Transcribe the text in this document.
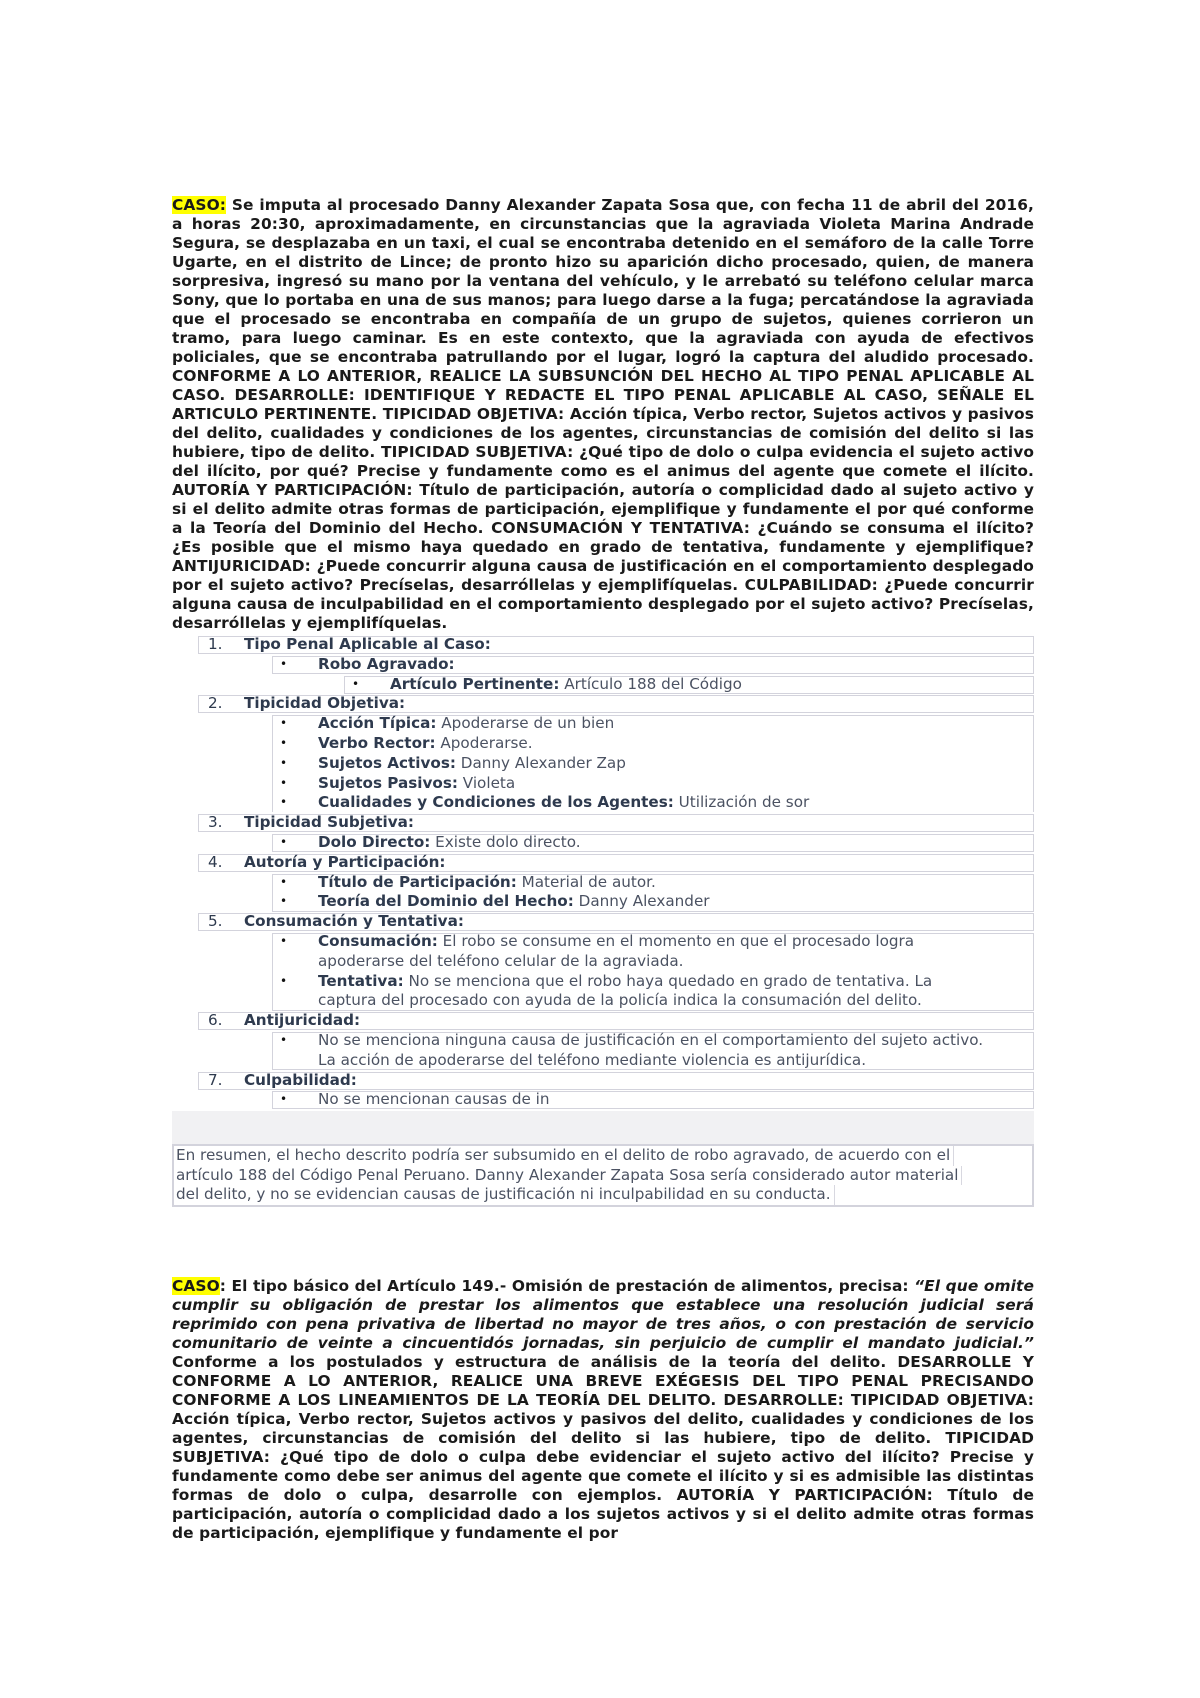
CASO: Se imputa al procesado Danny Alexander Zapata Sosa que, con fecha 11 de abril del 2016, a horas 20:30, aproximadamente, en circunstancias que la agraviada Violeta Marina Andrade Segura, se desplazaba en un taxi, el cual se encontraba detenido en el semáforo de la calle Torre Ugarte, en el distrito de Lince; de pronto hizo su aparición dicho procesado, quien, de manera sorpresiva, ingresó su mano por la ventana del vehículo, y le arrebató su teléfono celular marca Sony, que lo portaba en una de sus manos; para luego darse a la fuga; percatándose la agraviada que el procesado se encontraba en compañía de un grupo de sujetos, quienes corrieron un tramo, para luego caminar. Es en este contexto, que la agraviada con ayuda de efectivos policiales, que se encontraba patrullando por el lugar, logró la captura del aludido procesado. CONFORME A LO ANTERIOR, REALICE LA SUBSUNCIÓN DEL HECHO AL TIPO PENAL APLICABLE AL CASO. DESARROLLE: IDENTIFIQUE Y REDACTE EL TIPO PENAL APLICABLE AL CASO, SEÑALE EL ARTICULO PERTINENTE. TIPICIDAD OBJETIVA: Acción típica, Verbo rector, Sujetos activos y pasivos del delito, cualidades y condiciones de los agentes, circunstancias de comisión del delito si las hubiere, tipo de delito. TIPICIDAD SUBJETIVA: ¿Qué tipo de dolo o culpa evidencia el sujeto activo del ilícito, por qué? Precise y fundamente como es el animus del agente que comete el ilícito. AUTORÍA Y PARTICIPACIÓN: Título de participación, autoría o complicidad dado al sujeto activo y si el delito admite otras formas de participación, ejemplifique y fundamente el por qué conforme a la Teoría del Dominio del Hecho. CONSUMACIÓN Y TENTATIVA: ¿Cuándo se consuma el ilícito? ¿Es posible que el mismo haya quedado en grado de tentativa, fundamente y ejemplifique? ANTIJURICIDAD: ¿Puede concurrir alguna causa de justificación en el comportamiento desplegado por el sujeto activo? Precíselas, desarróllelas y ejemplifíquelas. CULPABILIDAD: ¿Puede concurrir alguna causa de inculpabilidad en el comportamiento desplegado por el sujeto activo? Precíselas, desarróllelas y ejemplifíquelas.

1. Tipo Penal Aplicable al Caso:
• Robo Agravado:
• Artículo Pertinente: Artículo 188 del Código
2. Tipicidad Objetiva:
• Acción Típica: Apoderarse de un bien
• Verbo Rector: Apoderarse.
• Sujetos Activos: Danny Alexander Zap
• Sujetos Pasivos: Violeta
• Cualidades y Condiciones de los Agentes: Utilización de sor
3. Tipicidad Subjetiva:
• Dolo Directo: Existe dolo directo.
4. Autoría y Participación:
• Título de Participación: Material de autor.
• Teoría del Dominio del Hecho: Danny Alexander
5. Consumación y Tentativa:
• Consumación: El robo se consume en el momento en que el procesado logra
apoderarse del teléfono celular de la agraviada.
• Tentativa: No se menciona que el robo haya quedado en grado de tentativa. La
captura del procesado con ayuda de la policía indica la consumación del delito.
6. Antijuricidad:
• No se menciona ninguna causa de justificación en el comportamiento del sujeto activo.
La acción de apoderarse del teléfono mediante violencia es antijurídica.
7. Culpabilidad:
• No se mencionan causas de in
En resumen, el hecho descrito podría ser subsumido en el delito de robo agravado, de acuerdo con el
artículo 188 del Código Penal Peruano. Danny Alexander Zapata Sosa sería considerado autor material
del delito, y no se evidencian causas de justificación ni inculpabilidad en su conducta.

CASO: El tipo básico del Artículo 149.- Omisión de prestación de alimentos, precisa: “El que omite cumplir su obligación de prestar los alimentos que establece una resolución judicial será reprimido con pena privativa de libertad no mayor de tres años, o con prestación de servicio comunitario de veinte a cincuentidós jornadas, sin perjuicio de cumplir el mandato judicial.” Conforme a los postulados y estructura de análisis de la teoría del delito. DESARROLLE Y CONFORME A LO ANTERIOR, REALICE UNA BREVE EXÉGESIS DEL TIPO PENAL PRECISANDO CONFORME A LOS LINEAMIENTOS DE LA TEORÍA DEL DELITO. DESARROLLE: TIPICIDAD OBJETIVA: Acción típica, Verbo rector, Sujetos activos y pasivos del delito, cualidades y condiciones de los agentes, circunstancias de comisión del delito si las hubiere, tipo de delito. TIPICIDAD SUBJETIVA: ¿Qué tipo de dolo o culpa debe evidenciar el sujeto activo del ilícito? Precise y fundamente como debe ser animus del agente que comete el ilícito y si es admisible las distintas formas de dolo o culpa, desarrolle con ejemplos. AUTORÍA Y PARTICIPACIÓN: Título de participación, autoría o complicidad dado a los sujetos activos y si el delito admite otras formas de participación, ejemplifique y fundamente el por
